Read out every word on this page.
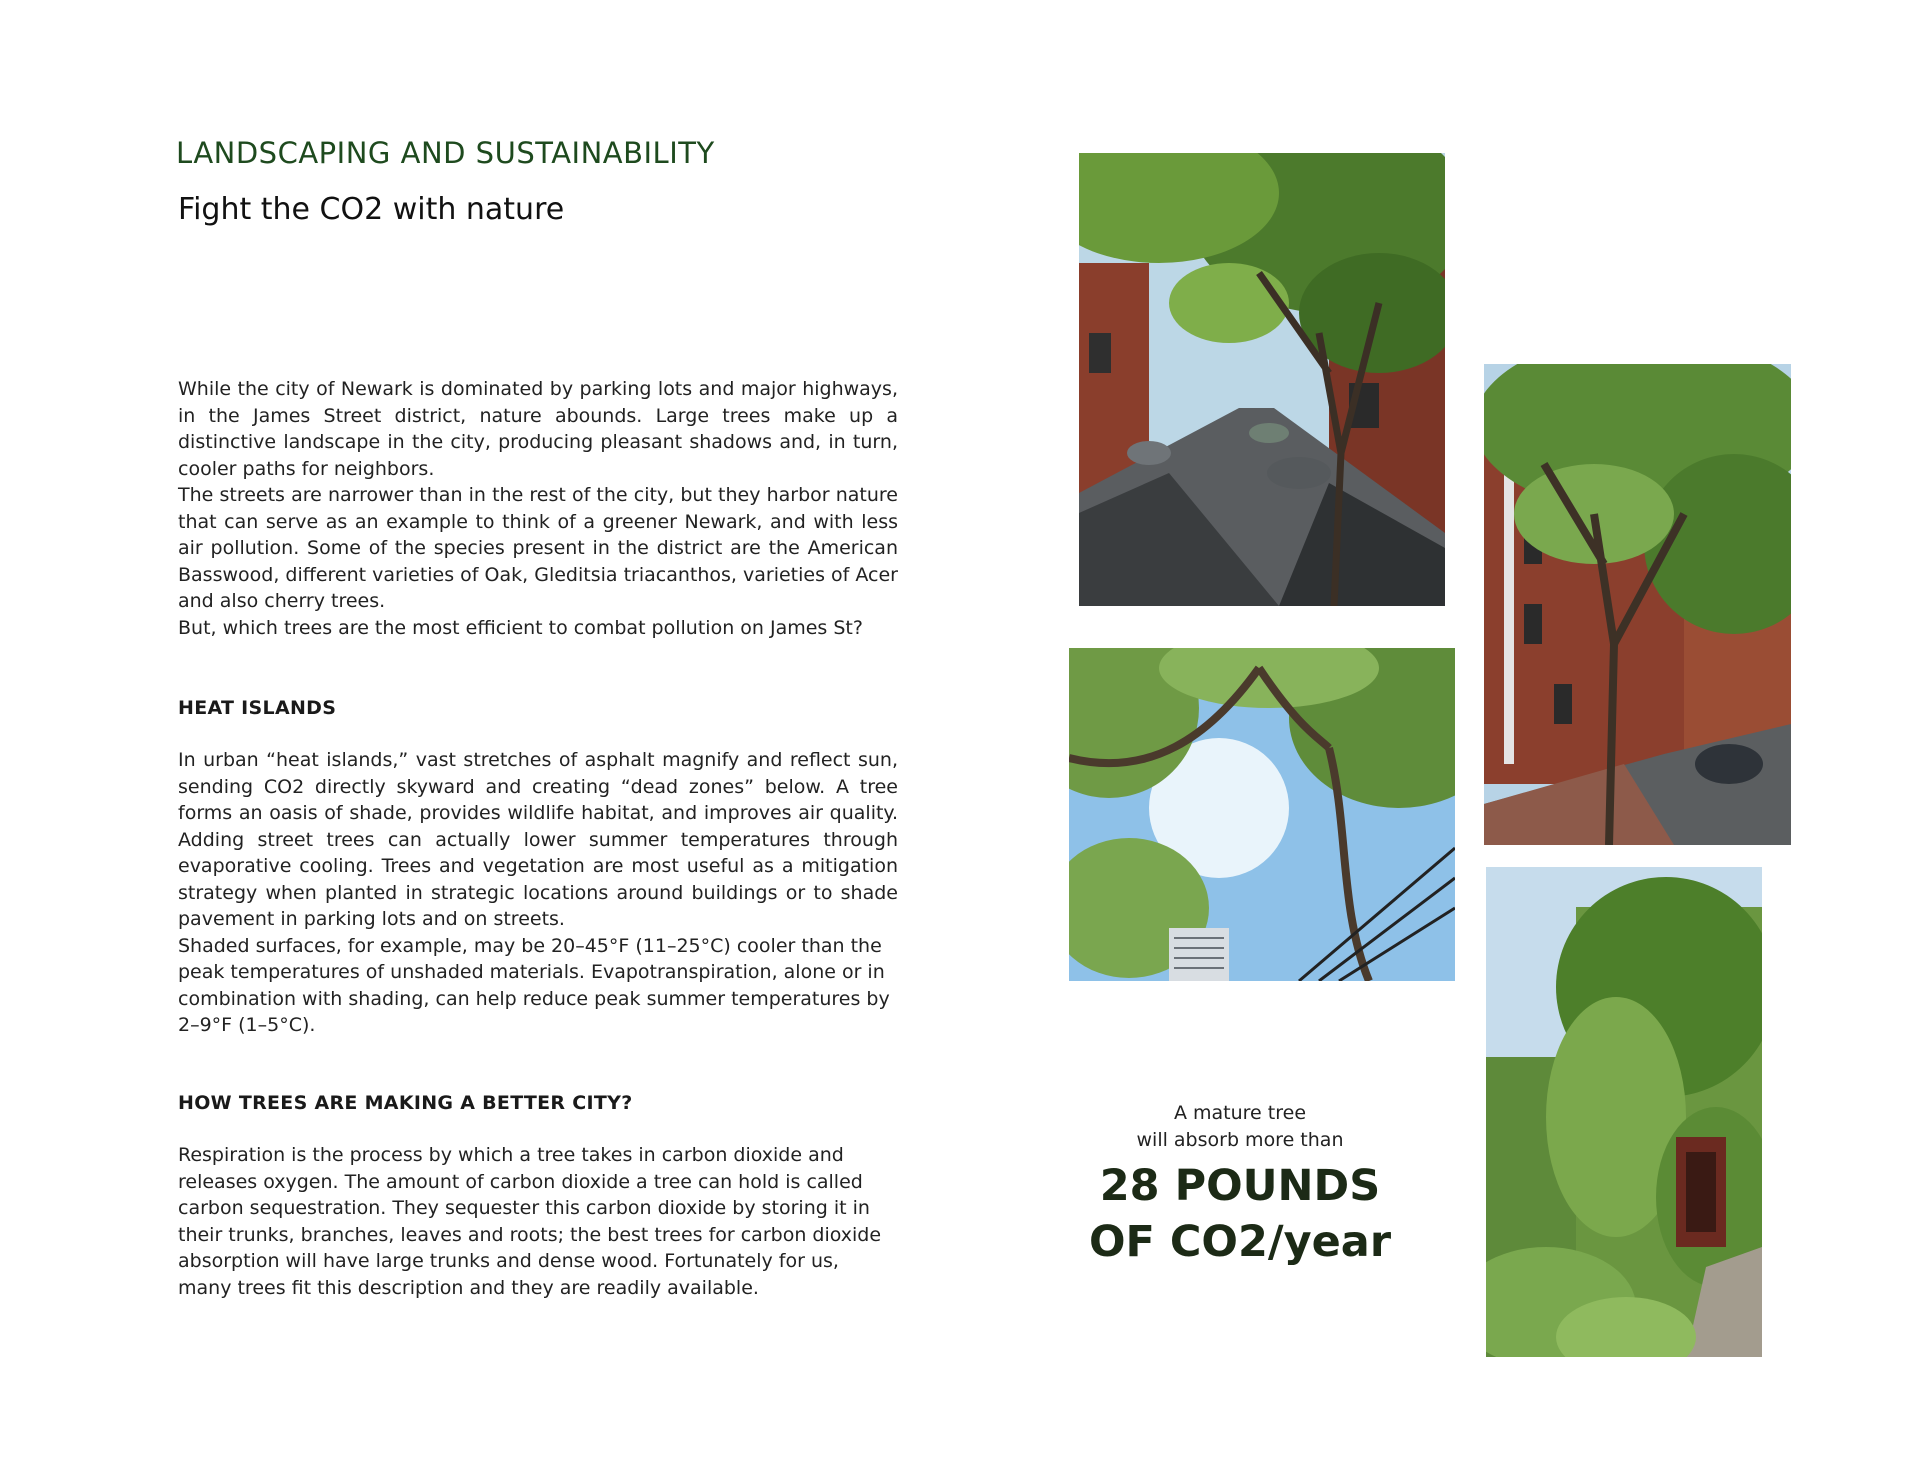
LANDSCAPING AND SUSTAINABILITY
Fight the CO2 with nature

While the city of Newark is dominated by parking lots and major highways, in the James Street district, nature abounds. Large trees make up a distinctive landscape in the city, producing pleasant shadows and, in turn, cooler paths for neighbors.

The streets are narrower than in the rest of the city, but they harbor nature that can serve as an example to think of a greener Newark, and with less air pollution. Some of the species present in the district are the American Basswood, different varieties of Oak, Gleditsia triacanthos, varieties of Acer and also cherry trees.

But, which trees are the most efficient to combat pollution on James St?

HEAT ISLANDS

In urban “heat islands,” vast stretches of asphalt magnify and reflect sun, sending CO2 directly skyward and creating “dead zones” below. A tree forms an oasis of shade, provides wildlife habitat, and improves air quality. Adding street trees can actually lower summer temperatures through evaporative cooling. Trees and vegetation are most useful as a mitigation strategy when planted in strategic locations around buildings or to shade pavement in parking lots and on streets.

Shaded surfaces, for example, may be 20–45°F (11–25°C) cooler than the peak temperatures of unshaded materials. Evapotranspiration, alone or in combination with shading, can help reduce peak summer temperatures by 2–9°F (1–5°C).

HOW TREES ARE MAKING A BETTER CITY?

Respiration is the process by which a tree takes in carbon dioxide and releases oxygen. The amount of carbon dioxide a tree can hold is called carbon sequestration. They sequester this carbon dioxide by storing it in their trunks, branches, leaves and roots; the best trees for carbon dioxide absorption will have large trunks and dense wood. Fortunately for us, many trees fit this description and they are readily available.

A mature tree
will absorb more than
28 POUNDS
OF CO2/year
